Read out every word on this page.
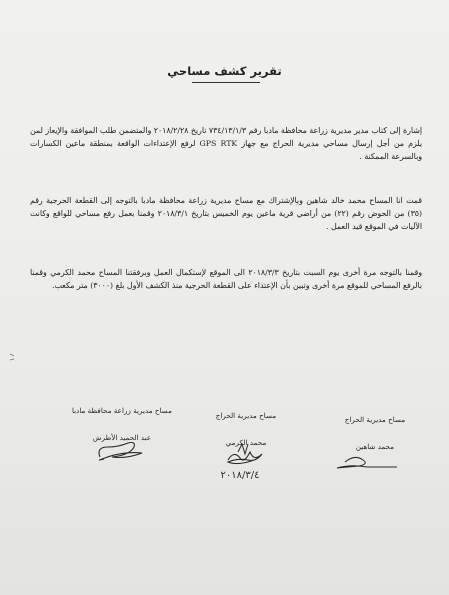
تقرير كشف مساحي
إشارة إلى كتاب مدير مديرية زراعة محافظة مادبا رقم ٧٣٤/١٣/١/٣ تاريخ ٢٠١٨/٢/٢٨ والمتضمن طلب الموافقة والإيعاز لمن يلزم من أجل إرسال مساحي مديرية الحراج مع جهاز GPS RTK لرفع الإعتداءات الواقعة بمنطقة ماعين الكسارات وبالسرعة الممكنة .
قمت انا المساح محمد خالد شاهين وبالإشتراك مع مساح مديرية زراعة محافظة مادبا بالتوجه إلى القطعة الحرجية رقم (٣٥) من الحوض رقم (٢٢) من أراضي قرية ماعين يوم الخميس بتاريخ ٢٠١٨/٣/١ وقمنا بعمل رفع مساحي للواقع وكانت الآليات في الموقع قيد العمل .
وقمنا بالتوجه مرة أخرى يوم السبت بتاريخ ٢٠١٨/٣/٣ الى الموقع لإستكمال العمل وبرفقتنا المساح محمد الكرمي وقمنا بالرفع المساحي للموقع مرة أخرى وتبين بأن الإعتداء على القطعة الحرجية منذ الكشف الأول بلغ (٣٠٠٠) متر مكعب.
مساح مديرية الحراج
محمد شاهين
مساح مديرية الحراج
محمد الكرمي
مساح مديرية زراعة محافظة مادبا
عبد الحميد الأطرش
٢٠١٨/٣/٤
